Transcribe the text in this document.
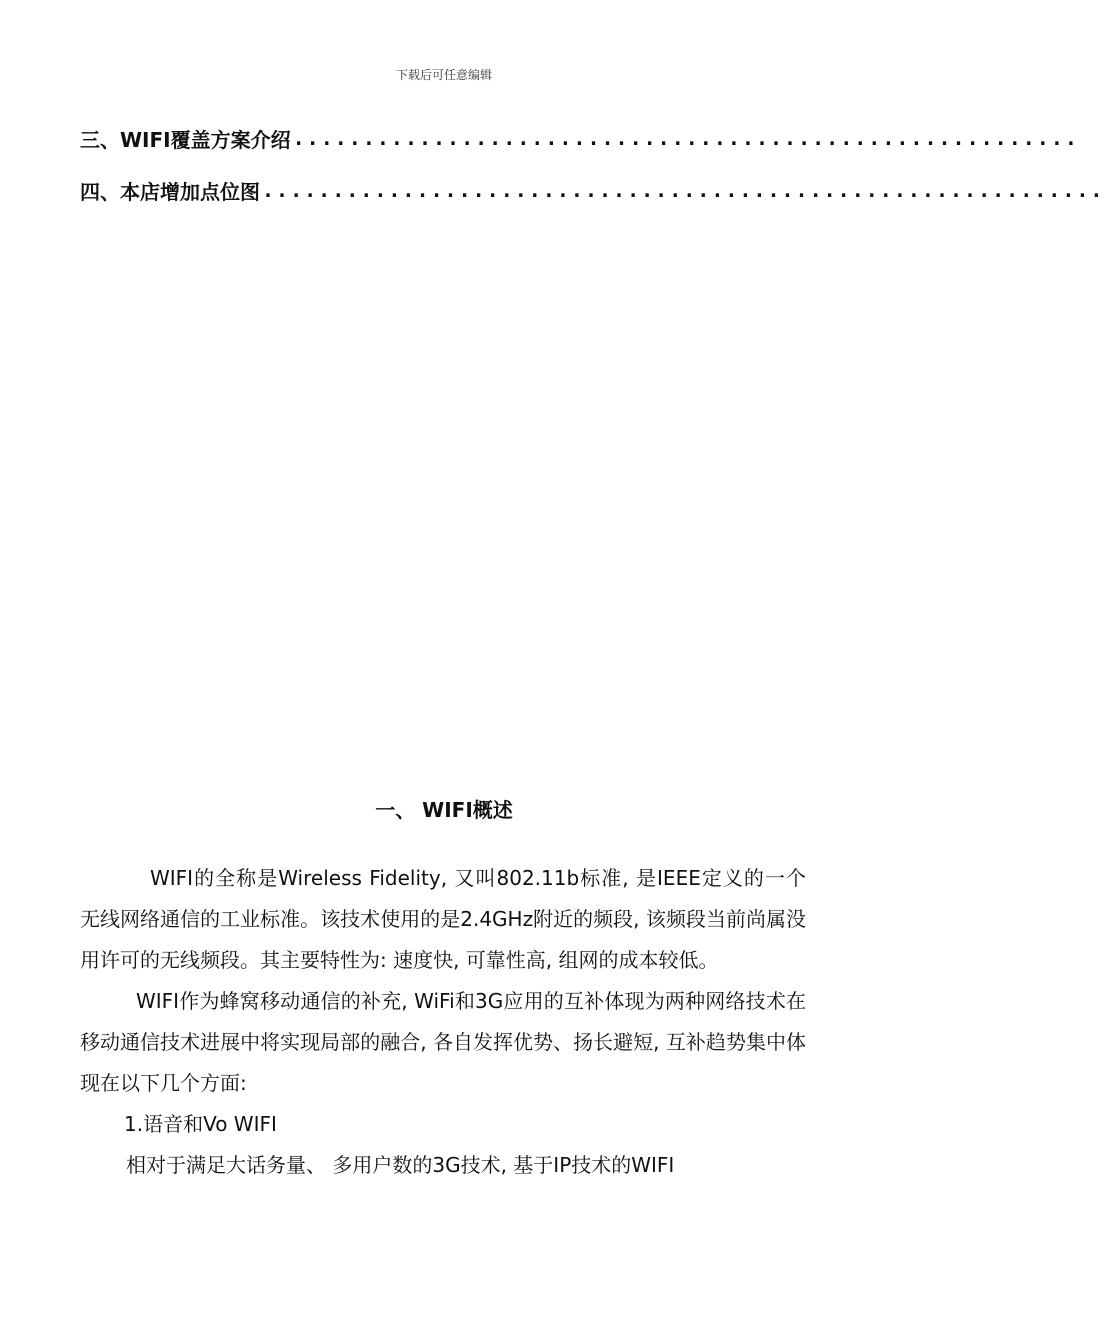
下载后可任意编辑
三、 WIFI覆盖方案介绍 ........................................................
四、 本店增加点位图 ............................................................
一、 WIFI概述

WIFI的全称是Wireless Fidelity, 又叫802.11b标准, 是IEEE定义的一个无线网络通信的工业标准。该技术使用的是2.4GHz附近的频段, 该频段当前尚属没用许可的无线频段。其主要特性为: 速度快, 可靠性高, 组网的成本较低。

WIFI作为蜂窝移动通信的补充, WiFi和3G应用的互补体现为两种网络技术在移动通信技术进展中将实现局部的融合, 各自发挥优势、扬长避短, 互补趋势集中体现在以下几个方面:

1.语音和Vo WIFI

相对于满足大话务量、 多用户数的3G技术, 基于IP技术的WIFI
